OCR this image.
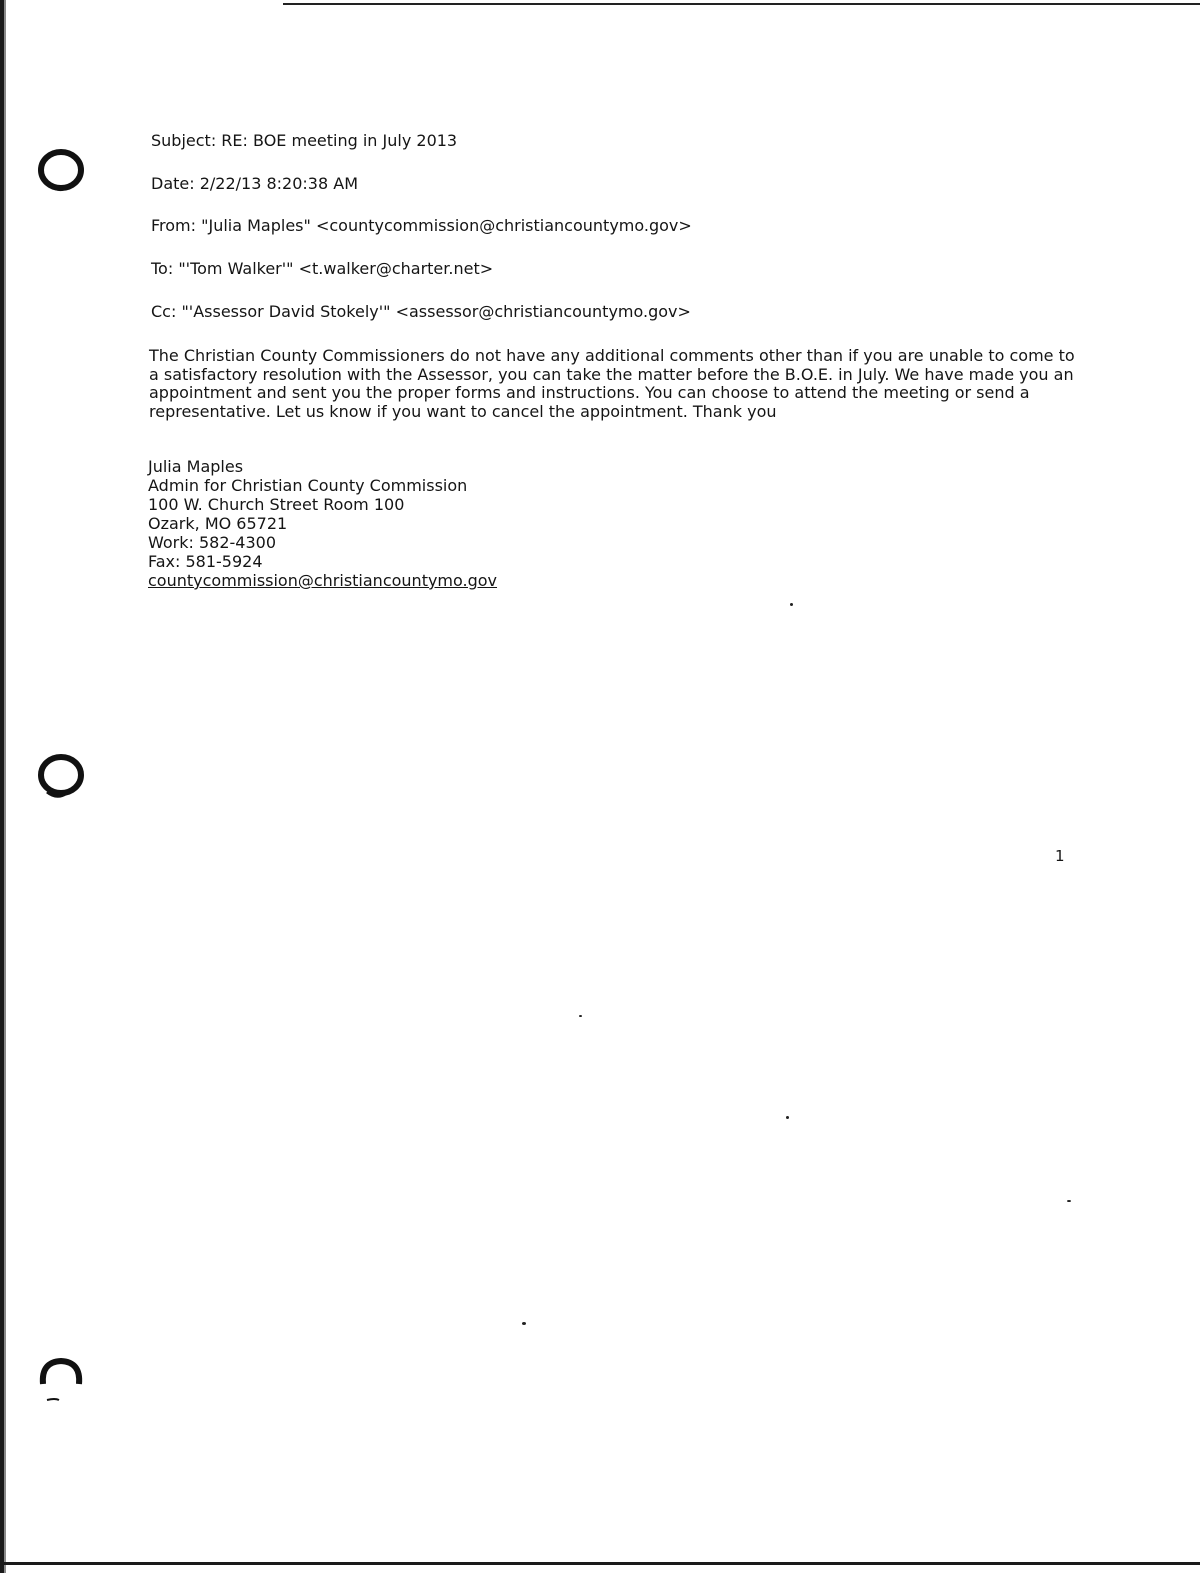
Subject: RE: BOE meeting in July 2013
Date: 2/22/13 8:20:38 AM
From: "Julia Maples" <countycommission@christiancountymo.gov>
To: "'Tom Walker'" <t.walker@charter.net>
Cc: "'Assessor David Stokely'" <assessor@christiancountymo.gov>

The Christian County Commissioners do not have any additional comments other than if you are unable to come to a satisfactory resolution with the Assessor, you can take the matter before the B.O.E. in July. We have made you an appointment and sent you the proper forms and instructions. You can choose to attend the meeting or send a representative. Let us know if you want to cancel the appointment. Thank you

Julia Maples
Admin for Christian County Commission
100 W. Church Street Room 100
Ozark, MO 65721
Work: 582-4300
Fax: 581-5924
countycommission@christiancountymo.gov
1
